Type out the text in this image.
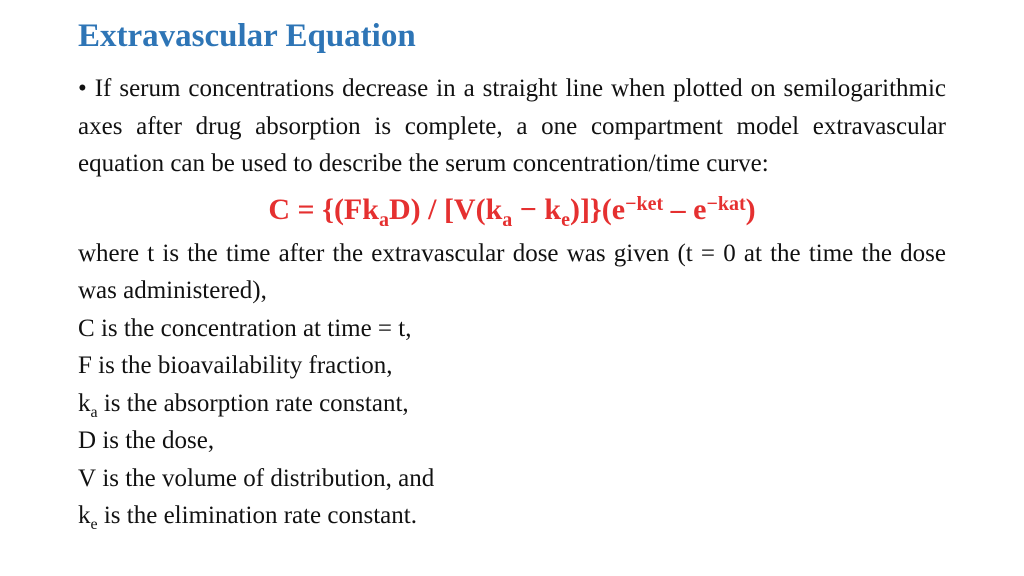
Extravascular Equation

• If serum concentrations decrease in a straight line when plotted on semilogarithmic axes after drug absorption is complete, a one compartment model extravascular equation can be used to describe the serum concentration/time curve:

$C = \{(Fk_aD) / [V(k_a - k_e)]\}(e^{-ket} - e^{-kat})$

where t is the time after the extravascular dose was given (t = 0 at the time the dose was administered),

C is the concentration at time = t,

F is the bioavailability fraction,

$k_a$ is the absorption rate constant,

D is the dose,

V is the volume of distribution, and

$k_e$ is the elimination rate constant.
